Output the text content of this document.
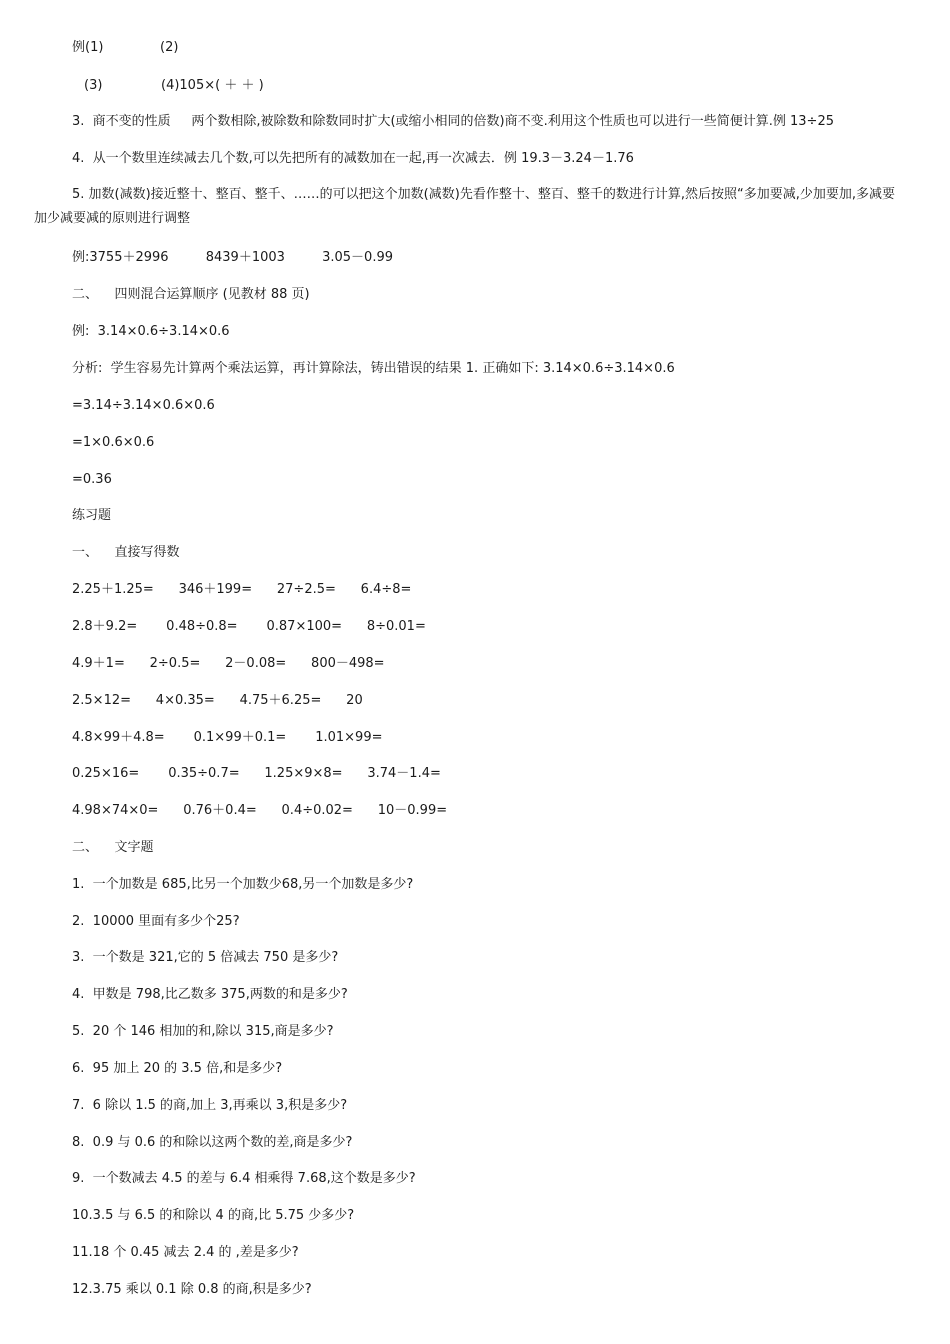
例(1)	(2)
(3)	(4)105×( ＋ ＋ )
3.  商不变的性质     两个数相除,被除数和除数同时扩大(或缩小相同的倍数)商不变.利用这个性质也可以进行一些简便计算.例 13÷25
4.  从一个数里连续减去几个数,可以先把所有的减数加在一起,再一次减去．例 19.3－3.24－1.76
5. 加数(减数)接近整十、整百、整千、……的可以把这个加数(减数)先看作整十、整百、整千的数进行计算,然后按照“多加要减,少加要加,多减要加少减要减的原则进行调整
例:3755＋2996         8439＋1003         3.05－0.99
二、    四则混合运算顺序 (见教材 88 页)
例:  3.14×0.6÷3.14×0.6
分析:  学生容易先计算两个乘法运算，再计算除法，铸出错误的结果 1. 正确如下: 3.14×0.6÷3.14×0.6
=3.14÷3.14×0.6×0.6
=1×0.6×0.6
=0.36
练习题
一、    直接写得数
2.25＋1.25=      346＋199=      27÷2.5=      6.4÷8=
2.8＋9.2=       0.48÷0.8=       0.87×100=      8÷0.01=
4.9＋1=      2÷0.5=      2－0.08=      800－498=
2.5×12=      4×0.35=      4.75＋6.25=      20
4.8×99＋4.8=       0.1×99＋0.1=       1.01×99=
0.25×16=       0.35÷0.7=      1.25×9×8=      3.74－1.4=
4.98×74×0=      0.76＋0.4=      0.4÷0.02=      10－0.99=
二、    文字题
1.  一个加数是 685,比另一个加数少68,另一个加数是多少?
2.  10000 里面有多少个25?
3.  一个数是 321,它的 5 倍减去 750 是多少?
4.  甲数是 798,比乙数多 375,两数的和是多少?
5.  20 个 146 相加的和,除以 315,商是多少?
6.  95 加上 20 的 3.5 倍,和是多少?
7.  6 除以 1.5 的商,加上 3,再乘以 3,积是多少?
8.  0.9 与 0.6 的和除以这两个数的差,商是多少?
9.  一个数减去 4.5 的差与 6.4 相乘得 7.68,这个数是多少?
10.3.5 与 6.5 的和除以 4 的商,比 5.75 少多少?
11.18 个 0.45 减去 2.4 的 ,差是多少?
12.3.75 乘以 0.1 除 0.8 的商,积是多少?
